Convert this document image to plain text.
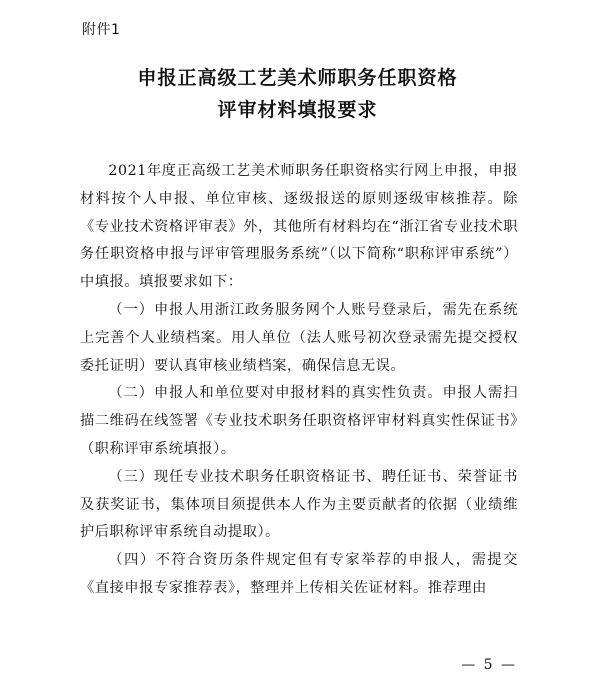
附件1
申报正高级工艺美术师职务任职资格
评审材料填报要求

2021年度正高级工艺美术师职务任职资格实行网上申报，申报材料按个人申报、单位审核、逐级报送的原则逐级审核推荐。除《专业技术资格评审表》外，其他所有材料均在“浙江省专业技术职务任职资格申报与评审管理服务系统”（以下简称“职称评审系统”）中填报。填报要求如下：

（一）申报人用浙江政务服务网个人账号登录后，需先在系统上完善个人业绩档案。用人单位（法人账号初次登录需先提交授权委托证明）要认真审核业绩档案，确保信息无误。

（二）申报人和单位要对申报材料的真实性负责。申报人需扫描二维码在线签署《专业技术职务任职资格评审材料真实性保证书》（职称评审系统填报）。

（三）现任专业技术职务任职资格证书、聘任证书、荣誉证书及获奖证书，集体项目须提供本人作为主要贡献者的依据（业绩维护后职称评审系统自动提取）。

（四）不符合资历条件规定但有专家举荐的申报人，需提交《直接申报专家推荐表》，整理并上传相关佐证材料。推荐理由

— 5 —
